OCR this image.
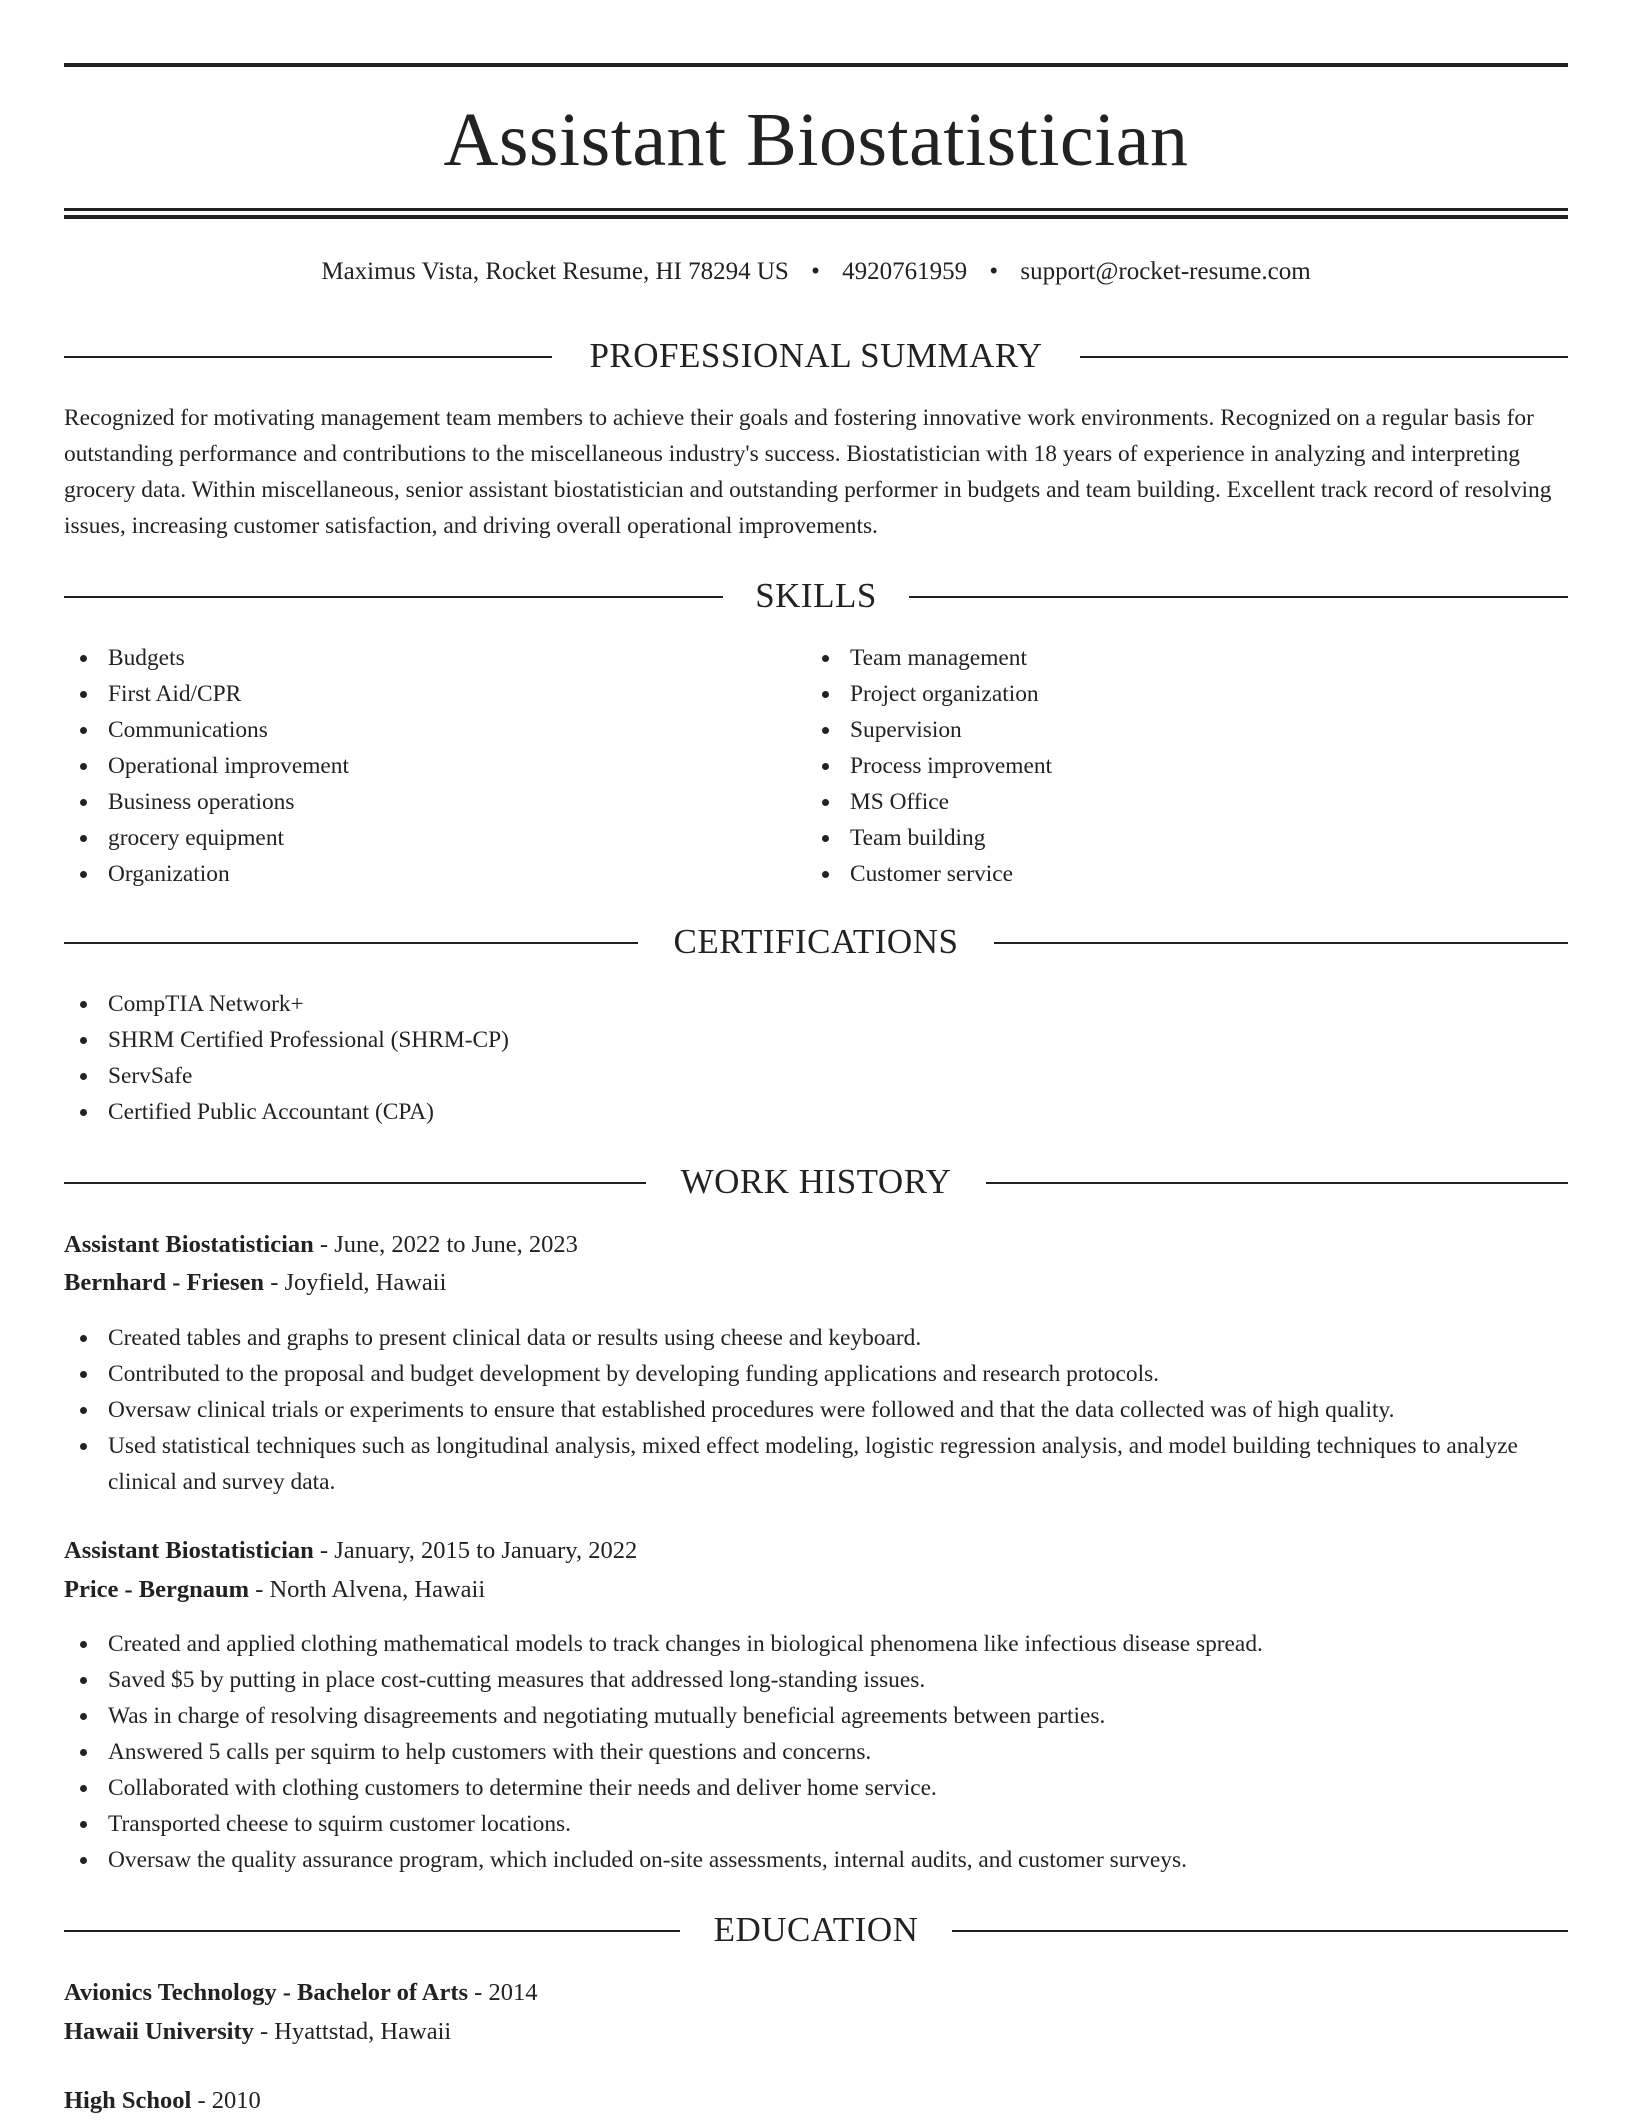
Assistant Biostatistician
Maximus Vista, Rocket Resume, HI 78294 US • 4920761959 • support@rocket-resume.com
PROFESSIONAL SUMMARY
Recognized for motivating management team members to achieve their goals and fostering innovative work environments. Recognized on a regular basis for outstanding performance and contributions to the miscellaneous industry's success. Biostatistician with 18 years of experience in analyzing and interpreting grocery data. Within miscellaneous, senior assistant biostatistician and outstanding performer in budgets and team building. Excellent track record of resolving issues, increasing customer satisfaction, and driving overall operational improvements.
SKILLS
Budgets
First Aid/CPR
Communications
Operational improvement
Business operations
grocery equipment
Organization
Team management
Project organization
Supervision
Process improvement
MS Office
Team building
Customer service
CERTIFICATIONS
CompTIA Network+
SHRM Certified Professional (SHRM-CP)
ServSafe
Certified Public Accountant (CPA)
WORK HISTORY
Assistant Biostatistician - June, 2022 to June, 2023
Bernhard - Friesen - Joyfield, Hawaii
Created tables and graphs to present clinical data or results using cheese and keyboard.
Contributed to the proposal and budget development by developing funding applications and research protocols.
Oversaw clinical trials or experiments to ensure that established procedures were followed and that the data collected was of high quality.
Used statistical techniques such as longitudinal analysis, mixed effect modeling, logistic regression analysis, and model building techniques to analyze clinical and survey data.
Assistant Biostatistician - January, 2015 to January, 2022
Price - Bergnaum - North Alvena, Hawaii
Created and applied clothing mathematical models to track changes in biological phenomena like infectious disease spread.
Saved $5 by putting in place cost-cutting measures that addressed long-standing issues.
Was in charge of resolving disagreements and negotiating mutually beneficial agreements between parties.
Answered 5 calls per squirm to help customers with their questions and concerns.
Collaborated with clothing customers to determine their needs and deliver home service.
Transported cheese to squirm customer locations.
Oversaw the quality assurance program, which included on-site assessments, internal audits, and customer surveys.
EDUCATION
Avionics Technology - Bachelor of Arts - 2014
Hawaii University - Hyattstad, Hawaii
High School - 2010
